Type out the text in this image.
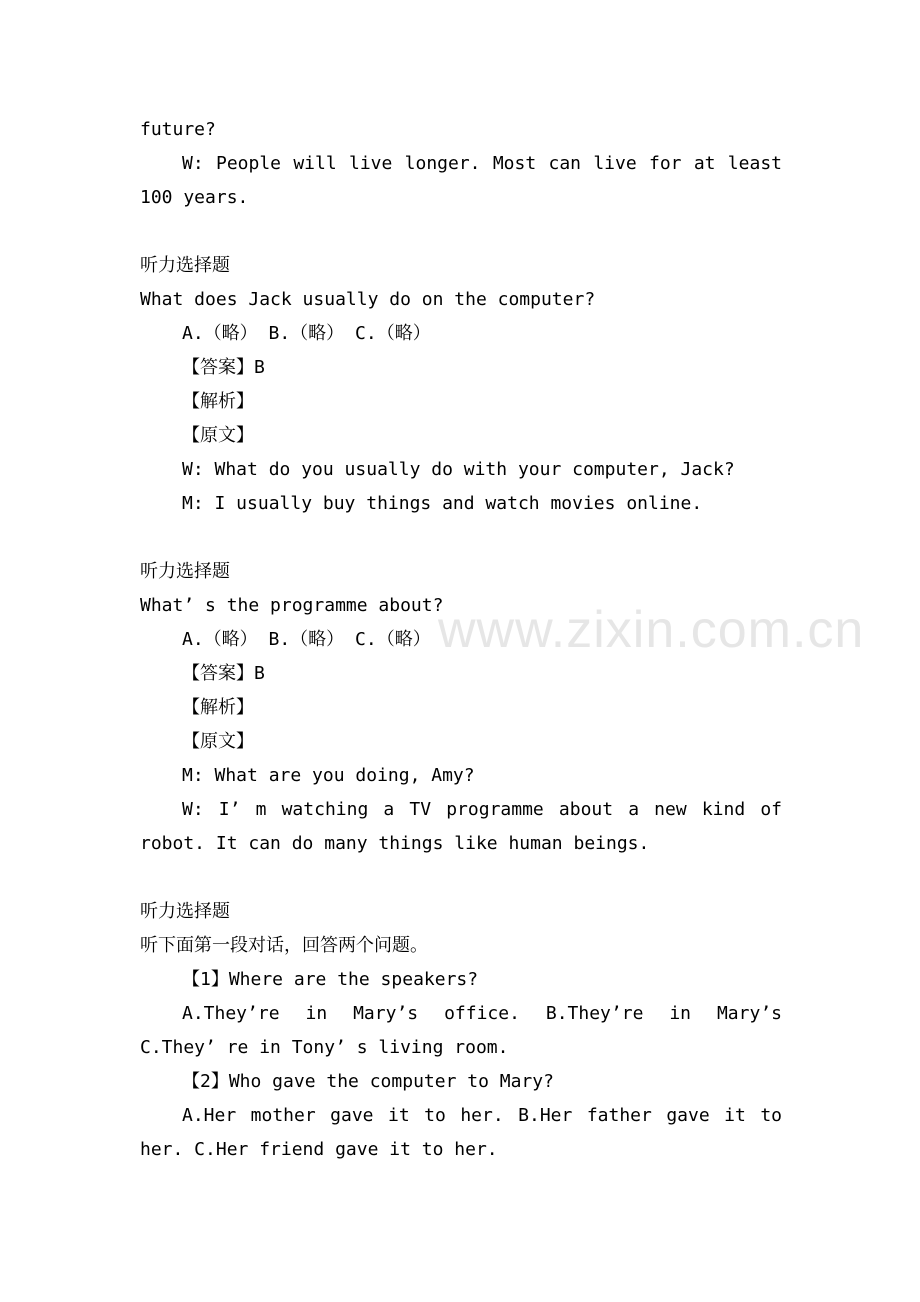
www.zixin.com.cn
future?
W: People will live longer. Most can live for at least
100 years.
听力选择题
What does Jack usually do on the computer?
A.（略） B.（略） C.（略）
【答案】B
【解析】
【原文】
W: What do you usually do with your computer, Jack?
M: I usually buy things and watch movies online.
听力选择题
What’ s the programme about?
A.（略） B.（略） C.（略）
【答案】B
【解析】
【原文】
M: What are you doing, Amy?
W: I’ m watching a TV programme about a new kind of
robot. It can do many things like human beings.
听力选择题
听下面第一段对话，回答两个问题。
【1】Where are the speakers?
A.They’re in Mary’s office. B.They’re in Mary’s
C.They’ re in Tony’ s living room.
【2】Who gave the computer to Mary?
A.Her mother gave it to her. B.Her father gave it to
her. C.Her friend gave it to her.
